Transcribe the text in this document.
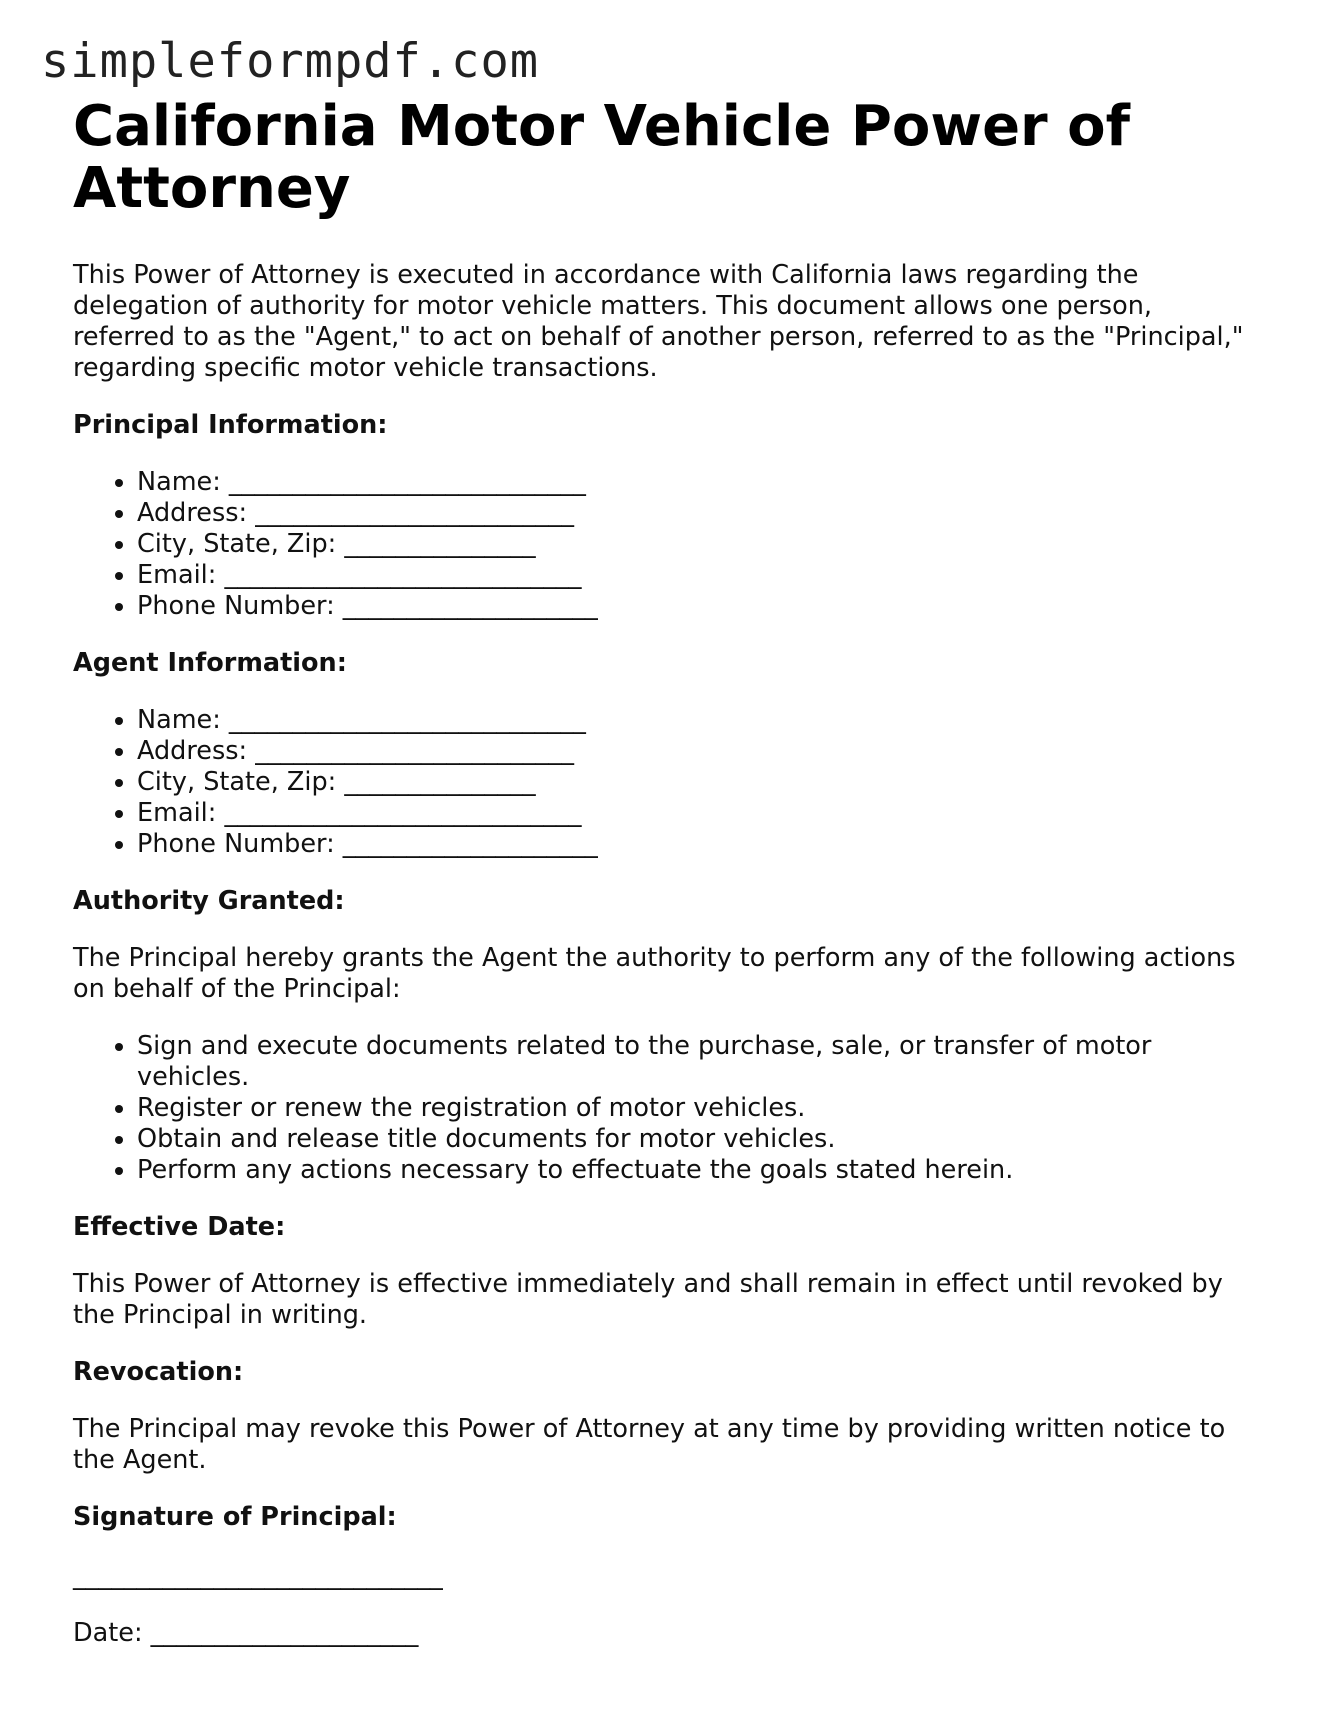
simpleformpdf.com
California Motor Vehicle Power of Attorney

This Power of Attorney is executed in accordance with California laws regarding the delegation of authority for motor vehicle matters. This document allows one person, referred to as the "Agent," to act on behalf of another person, referred to as the "Principal," regarding specific motor vehicle transactions.

Principal Information:
• Name: ____________________________
• Address: _________________________
• City, State, Zip: _______________
• Email: ____________________________
• Phone Number: ____________________
Agent Information:
• Name: ____________________________
• Address: _________________________
• City, State, Zip: _______________
• Email: ____________________________
• Phone Number: ____________________
Authority Granted:

The Principal hereby grants the Agent the authority to perform any of the following actions on behalf of the Principal:

• Sign and execute documents related to the purchase, sale, or transfer of motor vehicles.
• Register or renew the registration of motor vehicles.
• Obtain and release title documents for motor vehicles.
• Perform any actions necessary to effectuate the goals stated herein.
Effective Date:

This Power of Attorney is effective immediately and shall remain in effect until revoked by the Principal in writing.

Revocation:

The Principal may revoke this Power of Attorney at any time by providing written notice to the Agent.

Signature of Principal:

_____________________________

Date: _____________________
